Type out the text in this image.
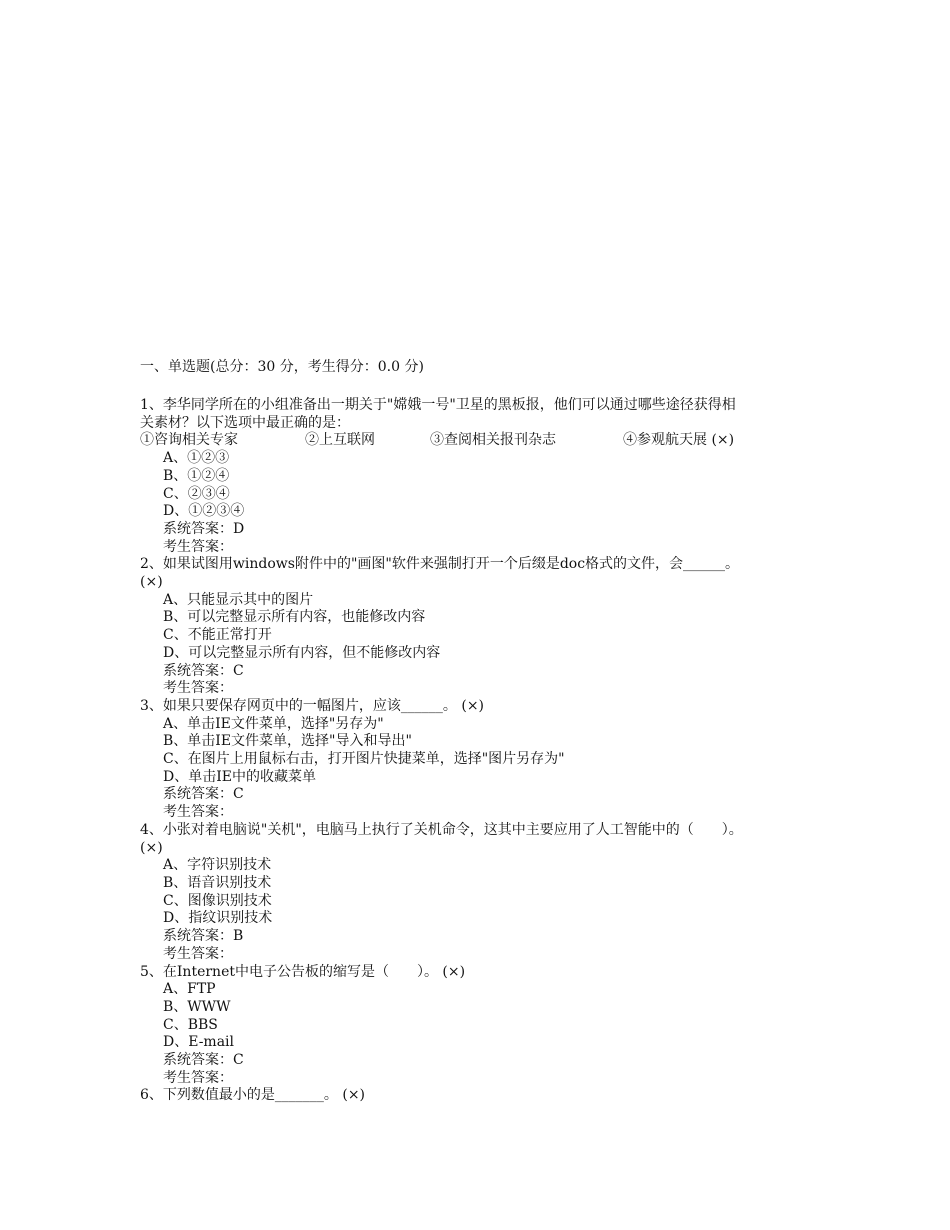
一、单选题(总分：30 分，考生得分：0.0 分)
1、李华同学所在的小组准备出一期关于"嫦娥一号"卫星的黑板报，他们可以通过哪些途径获得相
关素材？以下选项中最正确的是：
①咨询相关专家	②上互联网	③查阅相关报刊杂志	④参观航天展 (×)
A、①②③
B、①②④
C、②③④
D、①②③④
系统答案：D
考生答案：
2、如果试图用windows附件中的"画图"软件来强制打开一个后缀是doc格式的文件，会______。
(×)
A、只能显示其中的图片
B、可以完整显示所有内容，也能修改内容
C、不能正常打开
D、可以完整显示所有内容，但不能修改内容
系统答案：C
考生答案：
3、如果只要保存网页中的一幅图片，应该______。 (×)
A、单击IE文件菜单，选择"另存为"
B、单击IE文件菜单，选择"导入和导出"
C、在图片上用鼠标右击，打开图片快捷菜单，选择"图片另存为"
D、单击IE中的收藏菜单
系统答案：C
考生答案：
4、小张对着电脑说"关机"，电脑马上执行了关机命令，这其中主要应用了人工智能中的（　　）。
(×)
A、字符识别技术
B、语音识别技术
C、图像识别技术
D、指纹识别技术
系统答案：B
考生答案：
5、在Internet中电子公告板的缩写是（　　）。 (×)
A、FTP
B、WWW
C、BBS
D、E-mail
系统答案：C
考生答案：
6、下列数值最小的是_______。 (×)
